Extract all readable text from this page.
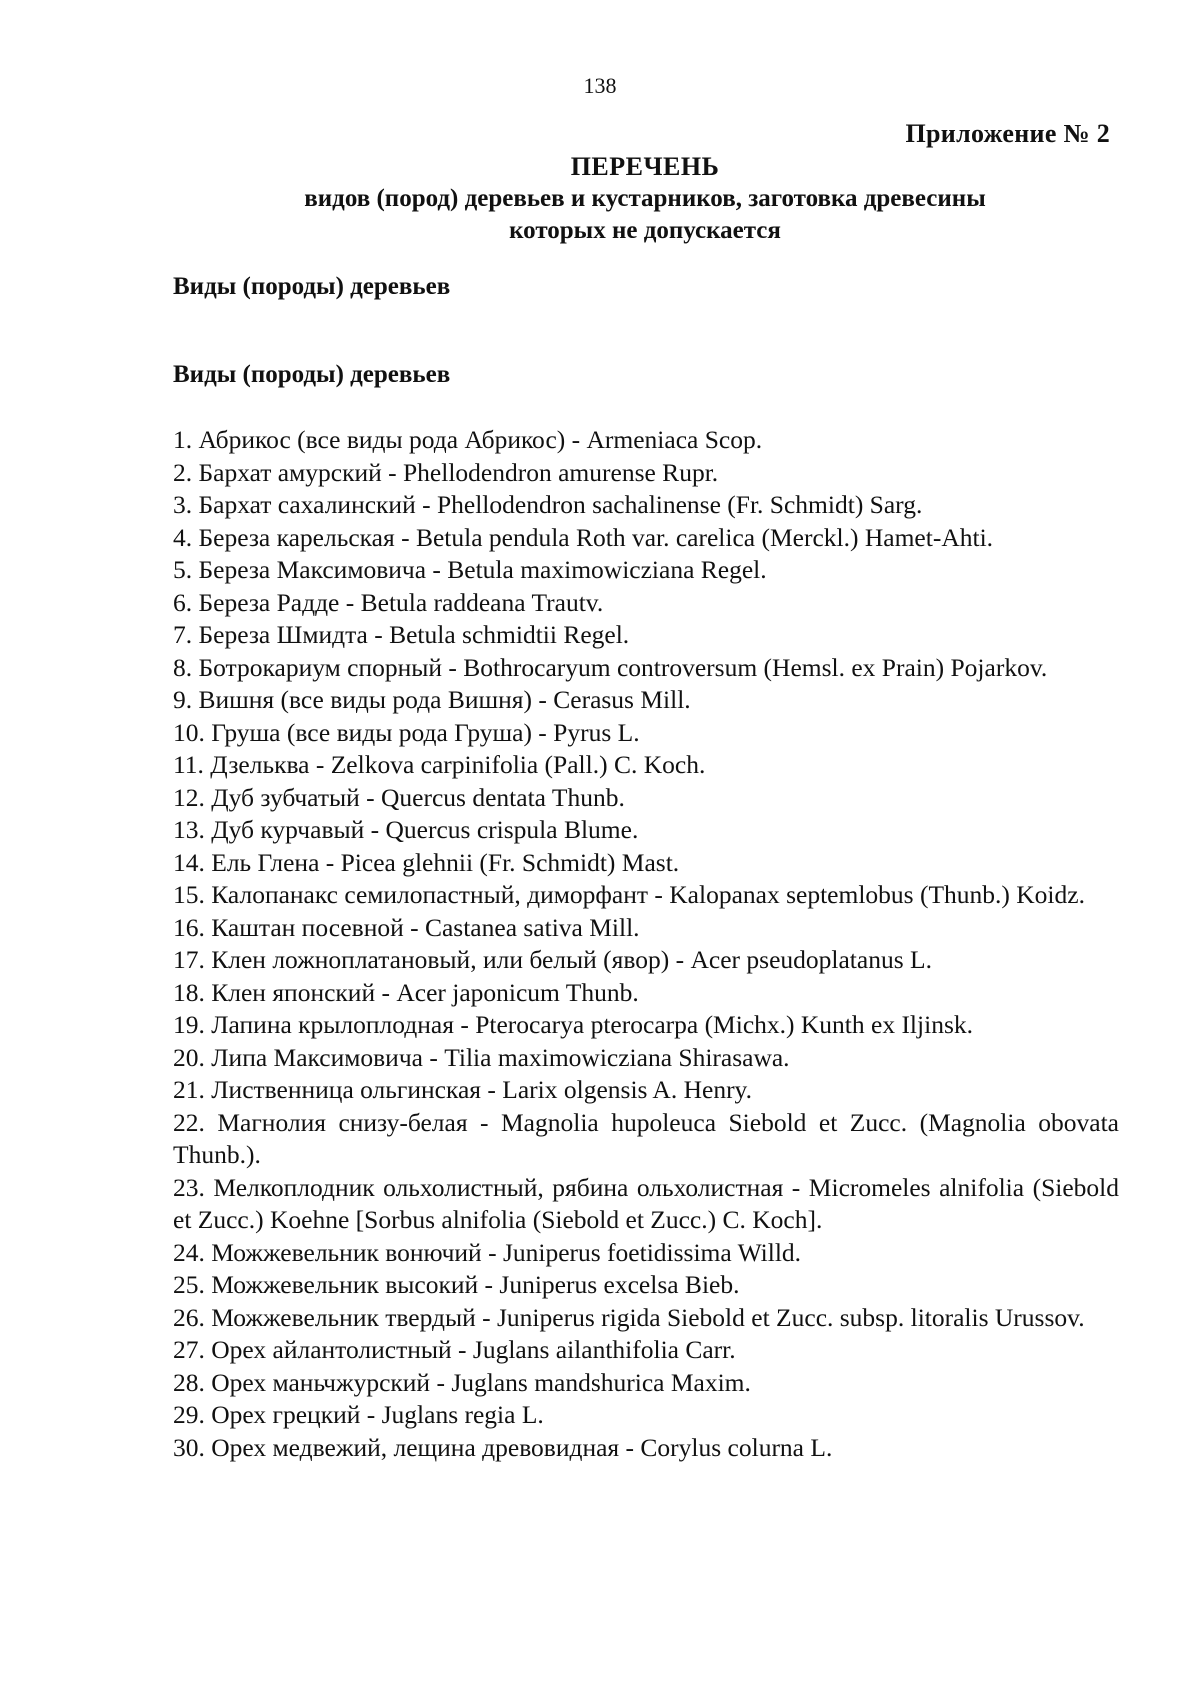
138
Приложение № 2
ПЕРЕЧЕНЬ
видов (пород) деревьев и кустарников, заготовка древесины
которых не допускается
Виды (породы) деревьев
Виды (породы) деревьев
1. Абрикос (все виды рода Абрикос) - Armeniaca Scop.
2. Бархат амурский - Phellodendron amurense Rupr.
3. Бархат сахалинский - Phellodendron sachalinense (Fr. Schmidt) Sarg.
4. Береза карельская - Betula pendula Roth var. carelica (Merckl.) Hamet-Ahti.
5. Береза Максимовича - Betula maximowicziana Regel.
6. Береза Радде - Betula raddeana Trautv.
7. Береза Шмидта - Betula schmidtii Regel.
8. Ботрокариум спорный - Bothrocaryum controversum (Hemsl. ex Prain) Pojarkov.
9. Вишня (все виды рода Вишня) - Cerasus Mill.
10. Груша (все виды рода Груша) - Pyrus L.
11. Дзельква - Zelkova carpinifolia (Pall.) C. Koch.
12. Дуб зубчатый - Quercus dentata Thunb.
13. Дуб курчавый - Quercus crispula Blume.
14. Ель Глена - Picea glehnii (Fr. Schmidt) Mast.
15. Калопанакс семилопастный, диморфант - Kalopanax septemlobus (Thunb.) Koidz.
16. Каштан посевной - Castanea sativa Mill.
17. Клен ложноплатановый, или белый (явор) - Acer pseudoplatanus L.
18. Клен японский - Acer japonicum Thunb.
19. Лапина крылоплодная - Pterocarya pterocarpa (Michx.) Kunth ex Iljinsk.
20. Липа Максимовича - Tilia maximowicziana Shirasawa.
21. Лиственница ольгинская - Larix olgensis A. Henry.
22. Магнолия снизу-белая - Magnolia hupoleuca Siebold et Zucc. (Magnolia obovata Thunb.).
23. Мелкоплодник ольхолистный, рябина ольхолистная - Micromeles alnifolia (Siebold et Zucc.) Koehne [Sorbus alnifolia (Siebold et Zucc.) C. Koch].
24. Можжевельник вонючий - Juniperus foetidissima Willd.
25. Можжевельник высокий - Juniperus excelsa Bieb.
26. Можжевельник твердый - Juniperus rigida Siebold et Zucc. subsp. litoralis Urussov.
27. Орех айлантолистный - Juglans ailanthifolia Carr.
28. Орех маньчжурский - Juglans mandshurica Maxim.
29. Орех грецкий - Juglans regia L.
30. Орех медвежий, лещина древовидная - Corylus colurna L.
